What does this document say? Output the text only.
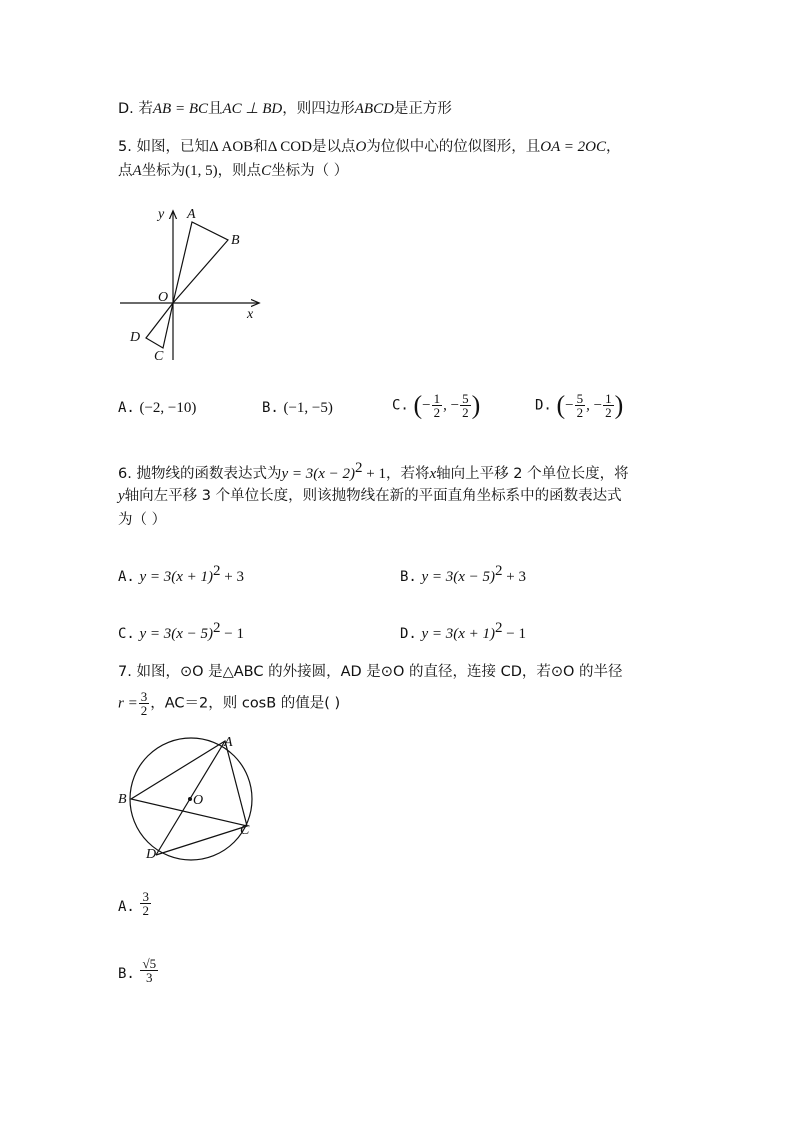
D. 若AB = BC且AC ⊥ BD，则四边形ABCD是正方形
5. 如图，已知Δ AOB和Δ COD是以点O为位似中心的位似图形，且OA = 2OC，
点A坐标为(1, 5)，则点C坐标为（ ）
y
x
O
A
B
C
D
A. (−2, −10)	B. (−1, −5)	C. (− $\frac{1}{2}$ , − $\frac{5}{2}$ )	D. (− $\frac{5}{2}$ , − $\frac{1}{2}$ )
6. 抛物线的函数表达式为$y = 3(x - 2)^2 + 1$，若将x轴向上平移 2 个单位长度，将
y轴向左平移 3 个单位长度，则该抛物线在新的平面直角坐标系中的函数表达式
为（ ）
A. $y = 3(x + 1)^2 + 3$	B. $y = 3(x - 5)^2 + 3$
C. $y = 3(x - 5)^2 - 1$	D. $y = 3(x + 1)^2 - 1$
7. 如图，⊙O 是△ABC 的外接圆，AD 是⊙O 的直径，连接 CD，若⊙O 的半径
$r = \frac{3}{2}$ ，AC＝2，则 cosB 的值是( )
A
B
C
D
O
A. $\frac{3}{2}$
B. $\frac{√5}{3}$
